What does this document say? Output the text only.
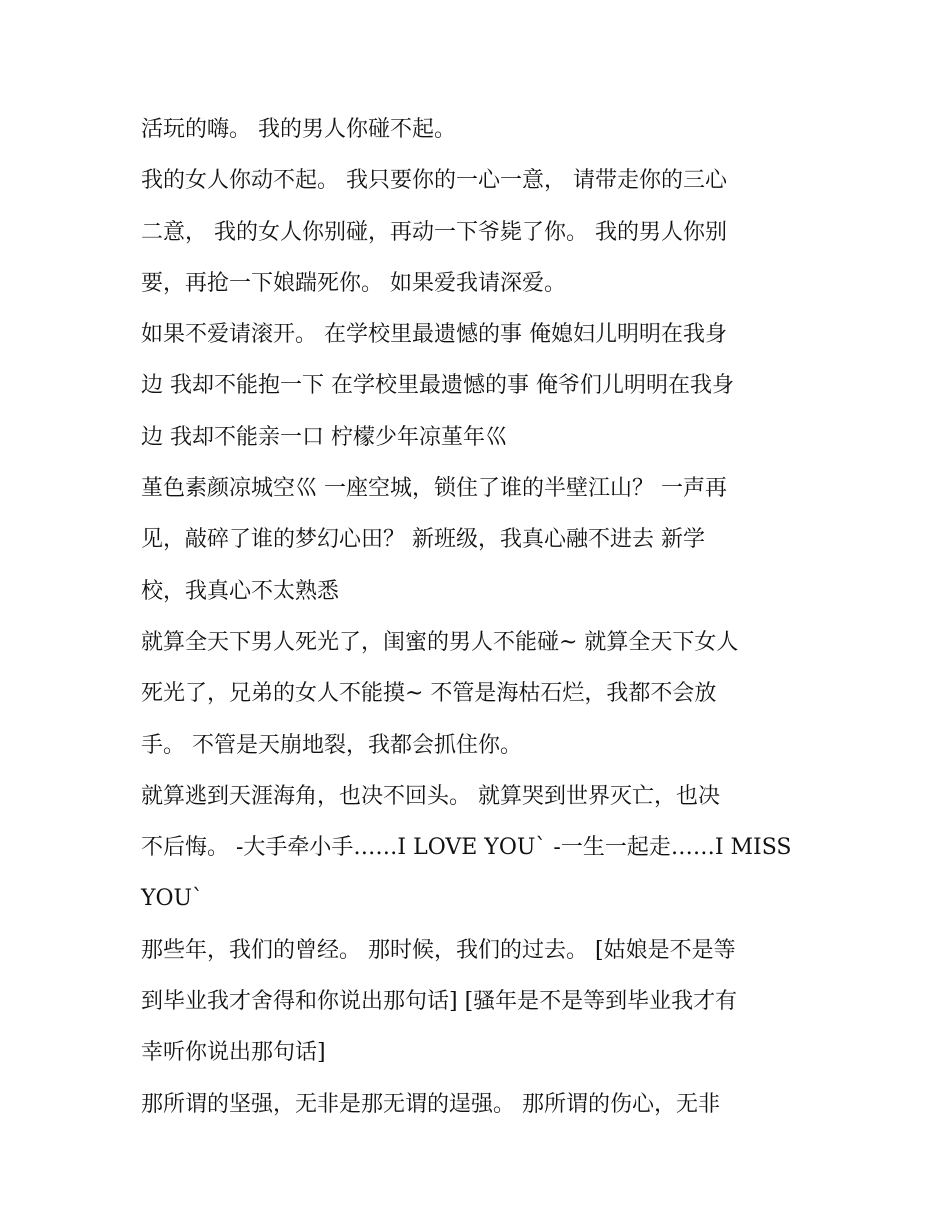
活玩的嗨。 我的男人你碰不起。
我的女人你动不起。 我只要你的一心一意， 请带走你的三心
二意， 我的女人你别碰，再动一下爷毙了你。 我的男人你别
要，再抢一下娘踹死你。 如果爱我请深爱。
如果不爱请滚开。 在学校里最遗憾的事 俺媳妇儿明明在我身
边 我却不能抱一下 在学校里最遗憾的事 俺爷们儿明明在我身
边 我却不能亲一口 柠檬少年凉堇年巛
堇色素颜凉城空巛 一座空城，锁住了谁的半壁江山？ 一声再
见，敲碎了谁的梦幻心田？ 新班级，我真心融不进去 新学
校，我真心不太熟悉
就算全天下男人死光了，闺蜜的男人不能碰~ 就算全天下女人
死光了，兄弟的女人不能摸~ 不管是海枯石烂，我都不会放
手。 不管是天崩地裂，我都会抓住你。
就算逃到天涯海角，也决不回头。 就算哭到世界灭亡，也决
不后悔。 -大手牵小手……I LOVE YOU` -一生一起走……I MISS
YOU`
那些年，我们的曾经。 那时候，我们的过去。 [姑娘是不是等
到毕业我才舍得和你说出那句话] [骚年是不是等到毕业我才有
幸听你说出那句话]
那所谓的坚强，无非是那无谓的逞强。 那所谓的伤心，无非
